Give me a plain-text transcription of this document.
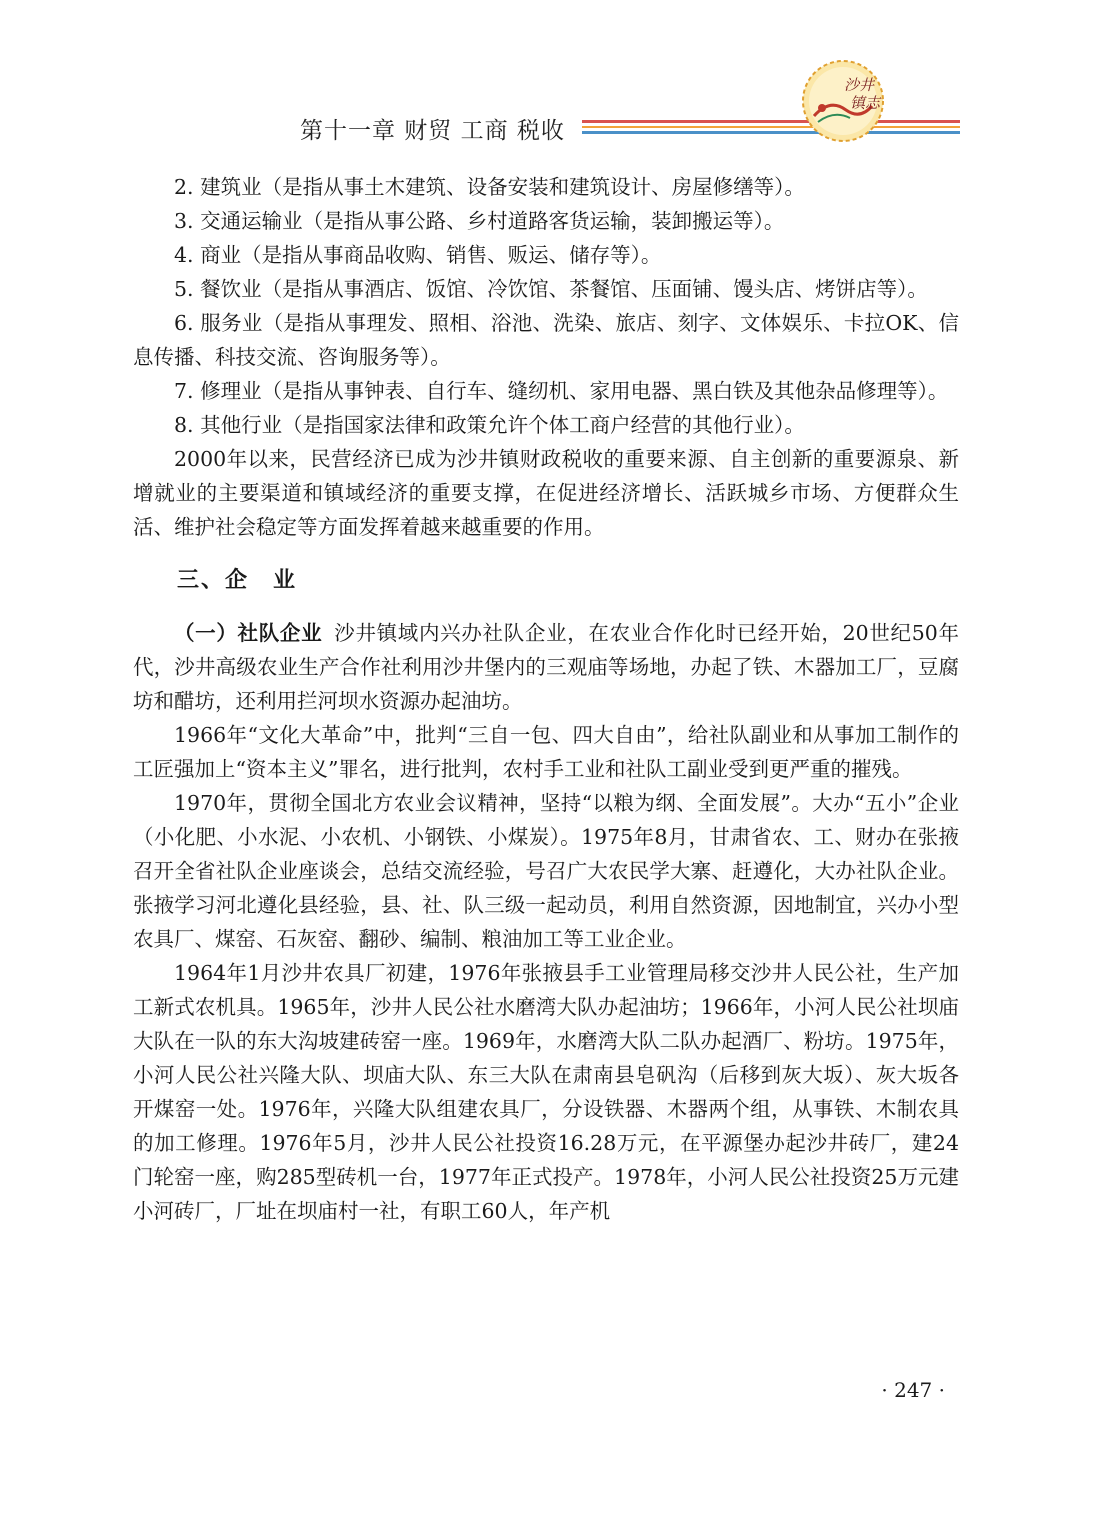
第十一章 财贸 工商 税收
沙井
镇志

2. 建筑业（是指从事土木建筑、设备安装和建筑设计、房屋修缮等）。

3. 交通运输业（是指从事公路、乡村道路客货运输，装卸搬运等）。

4. 商业（是指从事商品收购、销售、贩运、储存等）。

5. 餐饮业（是指从事酒店、饭馆、冷饮馆、茶餐馆、压面铺、馒头店、烤饼店等）。

6. 服务业（是指从事理发、照相、浴池、洗染、旅店、刻字、文体娱乐、卡拉OK、信息传播、科技交流、咨询服务等）。

7. 修理业（是指从事钟表、自行车、缝纫机、家用电器、黑白铁及其他杂品修理等）。

8. 其他行业（是指国家法律和政策允许个体工商户经营的其他行业）。

2000年以来，民营经济已成为沙井镇财政税收的重要来源、自主创新的重要源泉、新增就业的主要渠道和镇域经济的重要支撑，在促进经济增长、活跃城乡市场、方便群众生活、维护社会稳定等方面发挥着越来越重要的作用。

三、企　业

（一）社队企业 沙井镇域内兴办社队企业，在农业合作化时已经开始，20世纪50年代，沙井高级农业生产合作社利用沙井堡内的三观庙等场地，办起了铁、木器加工厂，豆腐坊和醋坊，还利用拦河坝水资源办起油坊。

1966年“文化大革命”中，批判“三自一包、四大自由”，给社队副业和从事加工制作的工匠强加上“资本主义”罪名，进行批判，农村手工业和社队工副业受到更严重的摧残。

1970年，贯彻全国北方农业会议精神，坚持“以粮为纲、全面发展”。大办“五小”企业（小化肥、小水泥、小农机、小钢铁、小煤炭）。1975年8月，甘肃省农、工、财办在张掖召开全省社队企业座谈会，总结交流经验，号召广大农民学大寨、赶遵化，大办社队企业。张掖学习河北遵化县经验，县、社、队三级一起动员，利用自然资源，因地制宜，兴办小型农具厂、煤窑、石灰窑、翻砂、编制、粮油加工等工业企业。

1964年1月沙井农具厂初建，1976年张掖县手工业管理局移交沙井人民公社，生产加工新式农机具。1965年，沙井人民公社水磨湾大队办起油坊；1966年，小河人民公社坝庙大队在一队的东大沟坡建砖窑一座。1969年，水磨湾大队二队办起酒厂、粉坊。1975年，小河人民公社兴隆大队、坝庙大队、东三大队在肃南县皂矾沟（后移到灰大坂）、灰大坂各开煤窑一处。1976年，兴隆大队组建农具厂，分设铁器、木器两个组，从事铁、木制农具的加工修理。1976年5月，沙井人民公社投资16.28万元，在平源堡办起沙井砖厂，建24门轮窑一座，购285型砖机一台，1977年正式投产。1978年，小河人民公社投资25万元建小河砖厂，厂址在坝庙村一社，有职工60人，年产机

· 247 ·
